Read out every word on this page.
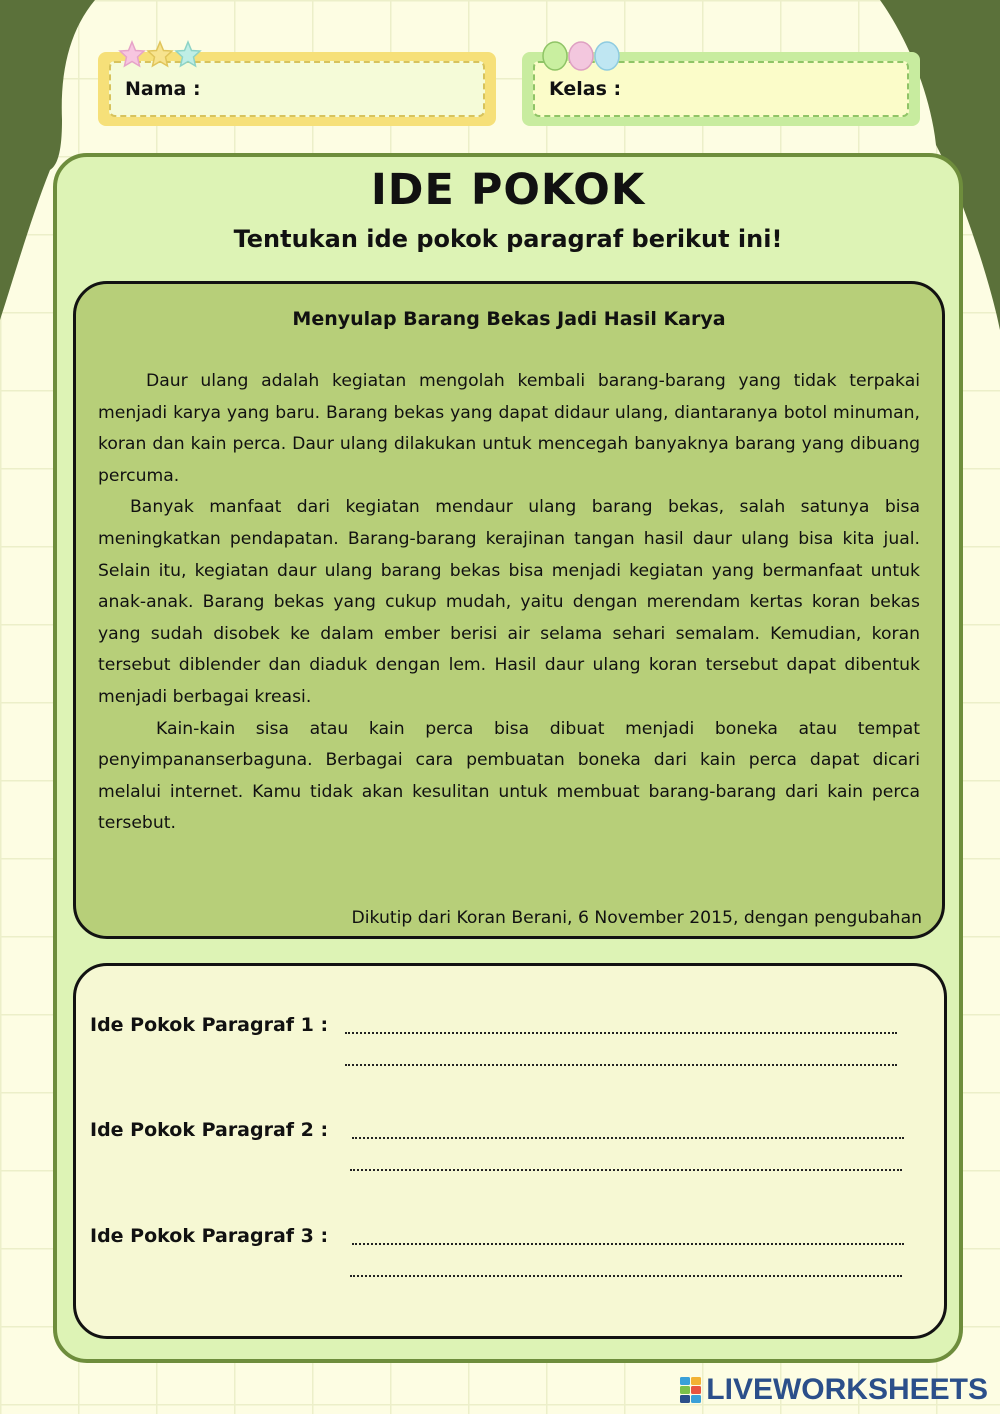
Nama :	Kelas :
IDE POKOK
Tentukan ide pokok paragraf berikut ini!
Menyulap Barang Bekas Jadi Hasil Karya

Daur ulang adalah kegiatan mengolah kembali barang-barang yang tidak terpakai menjadi karya yang baru. Barang bekas yang dapat didaur ulang, diantaranya botol minuman, koran dan kain perca. Daur ulang dilakukan untuk mencegah banyaknya barang yang dibuang percuma.

Banyak manfaat dari kegiatan mendaur ulang barang bekas, salah satunya bisa meningkatkan pendapatan. Barang-barang kerajinan tangan hasil daur ulang bisa kita jual. Selain itu, kegiatan daur ulang barang bekas bisa menjadi kegiatan yang bermanfaat untuk anak-anak. Barang bekas yang cukup mudah, yaitu dengan merendam kertas koran bekas yang sudah disobek ke dalam ember berisi air selama sehari semalam. Kemudian, koran tersebut diblender dan diaduk dengan lem. Hasil daur ulang koran tersebut dapat dibentuk menjadi berbagai kreasi.

Kain-kain sisa atau kain perca bisa dibuat menjadi boneka atau tempat penyimpananserbaguna. Berbagai cara pembuatan boneka dari kain perca dapat dicari melalui internet. Kamu tidak akan kesulitan untuk membuat barang-barang dari kain perca tersebut.

Dikutip dari Koran Berani, 6 November 2015, dengan pengubahan
Ide Pokok Paragraf 1 :
Ide Pokok Paragraf 2 :
Ide Pokok Paragraf 3 :
LIVEWORKSHEETS
